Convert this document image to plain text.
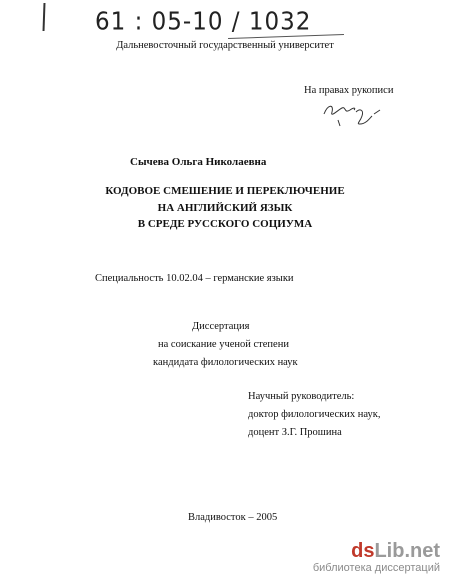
61 : 05-10 / 1032
Дальневосточный государственный университет
На правах рукописи
Сычева Ольга Николаевна
КОДОВОЕ СМЕШЕНИЕ И ПЕРЕКЛЮЧЕНИЕ
НА АНГЛИЙСКИЙ ЯЗЫК
В СРЕДЕ РУССКОГО СОЦИУМА
Специальность 10.02.04 – германские языки
Диссертация
на соискание ученой степени
кандидата филологических наук
Научный руководитель:
доктор филологических наук,
доцент З.Г. Прошина
Владивосток – 2005
dsLib.net
библиотека диссертаций
